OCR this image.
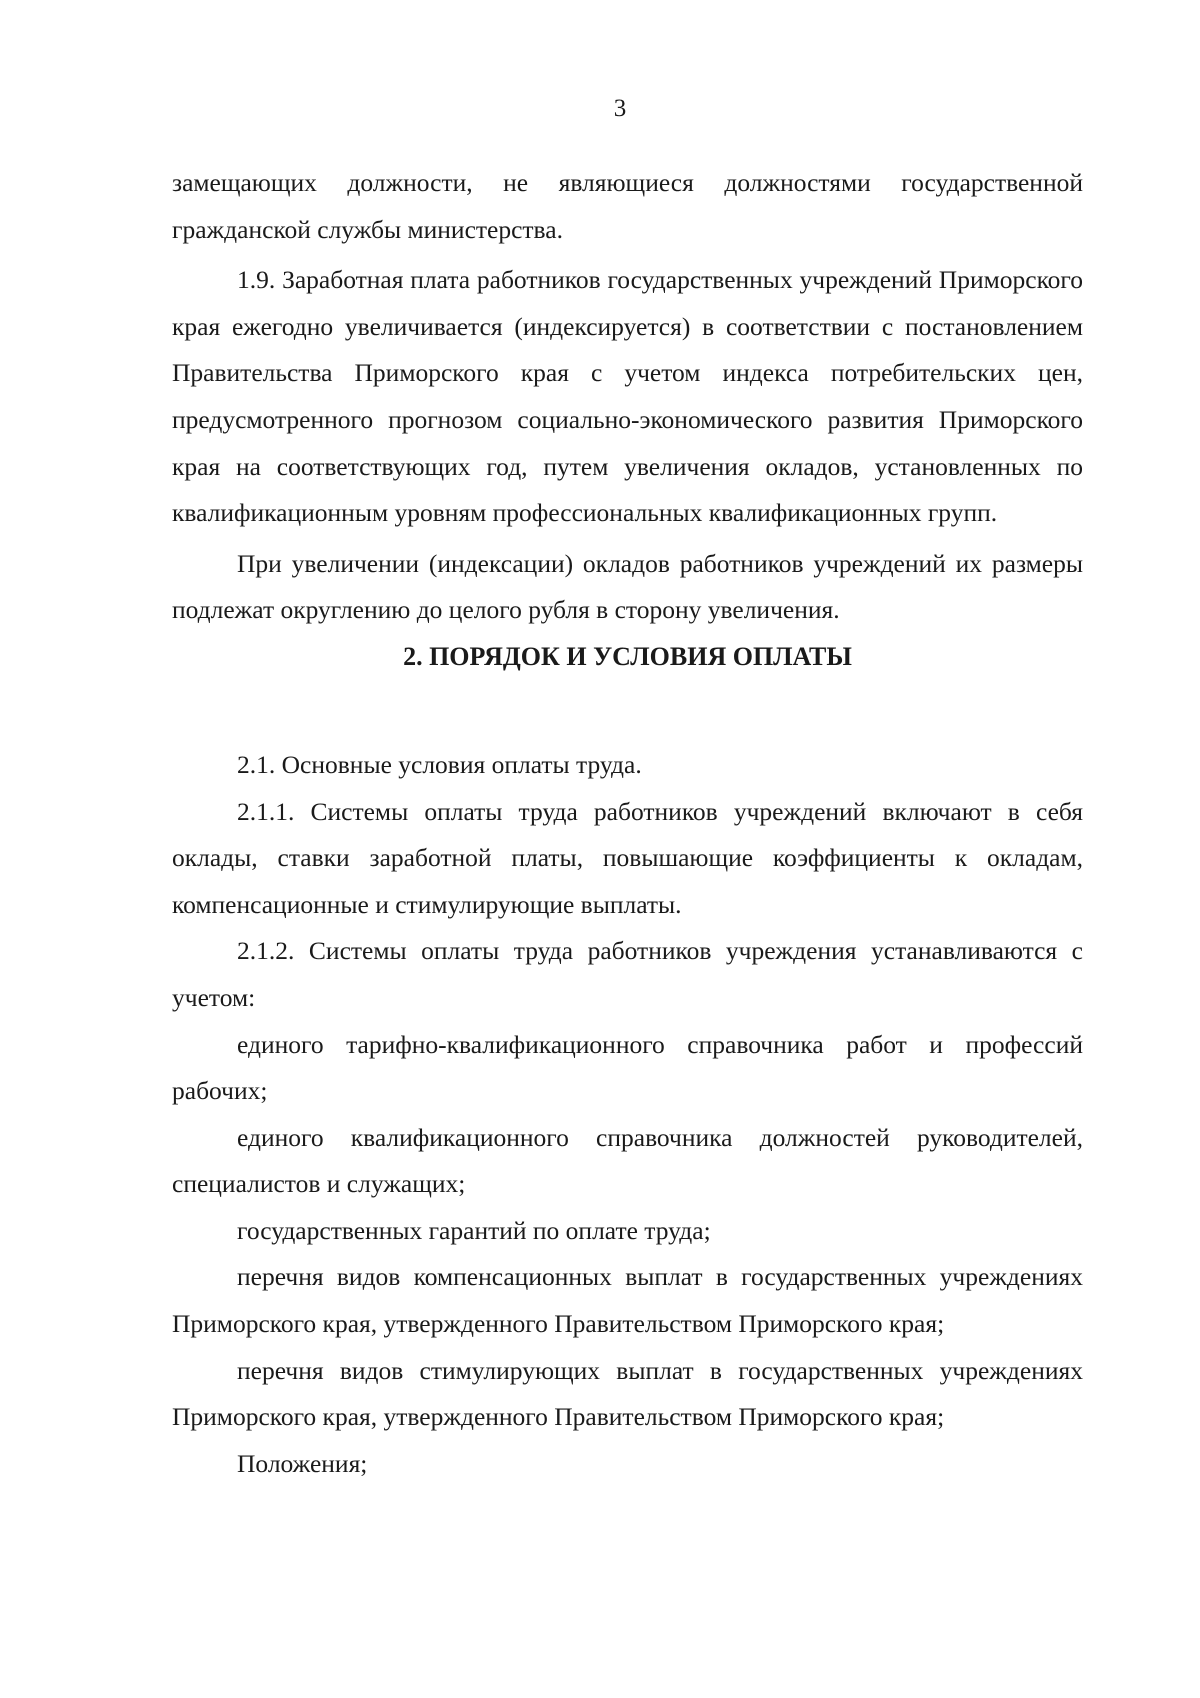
3

замещающих должности, не являющиеся должностями государственной гражданской службы министерства.

1.9. Заработная плата работников государственных учреждений Приморского края ежегодно увеличивается (индексируется) в соответствии с постановлением Правительства Приморского края с учетом индекса потребительских цен, предусмотренного прогнозом социально-экономического развития Приморского края на соответствующих год, путем увеличения окладов, установленных по квалификационным уровням профессиональных квалификационных групп.

При увеличении (индексации) окладов работников учреждений их размеры подлежат округлению до целого рубля в сторону увеличения.

2. ПОРЯДОК И УСЛОВИЯ ОПЛАТЫ

2.1. Основные условия оплаты труда.

2.1.1. Системы оплаты труда работников учреждений включают в себя оклады, ставки заработной платы, повышающие коэффициенты к окладам, компенсационные и стимулирующие выплаты.

2.1.2. Системы оплаты труда работников учреждения устанавливаются с учетом:

единого тарифно-квалификационного справочника работ и профессий рабочих;

единого квалификационного справочника должностей руководителей, специалистов и служащих;

государственных гарантий по оплате труда;

перечня видов компенсационных выплат в государственных учреждениях Приморского края, утвержденного Правительством Приморского края;

перечня видов стимулирующих выплат в государственных учреждениях Приморского края, утвержденного Правительством Приморского края;

Положения;
